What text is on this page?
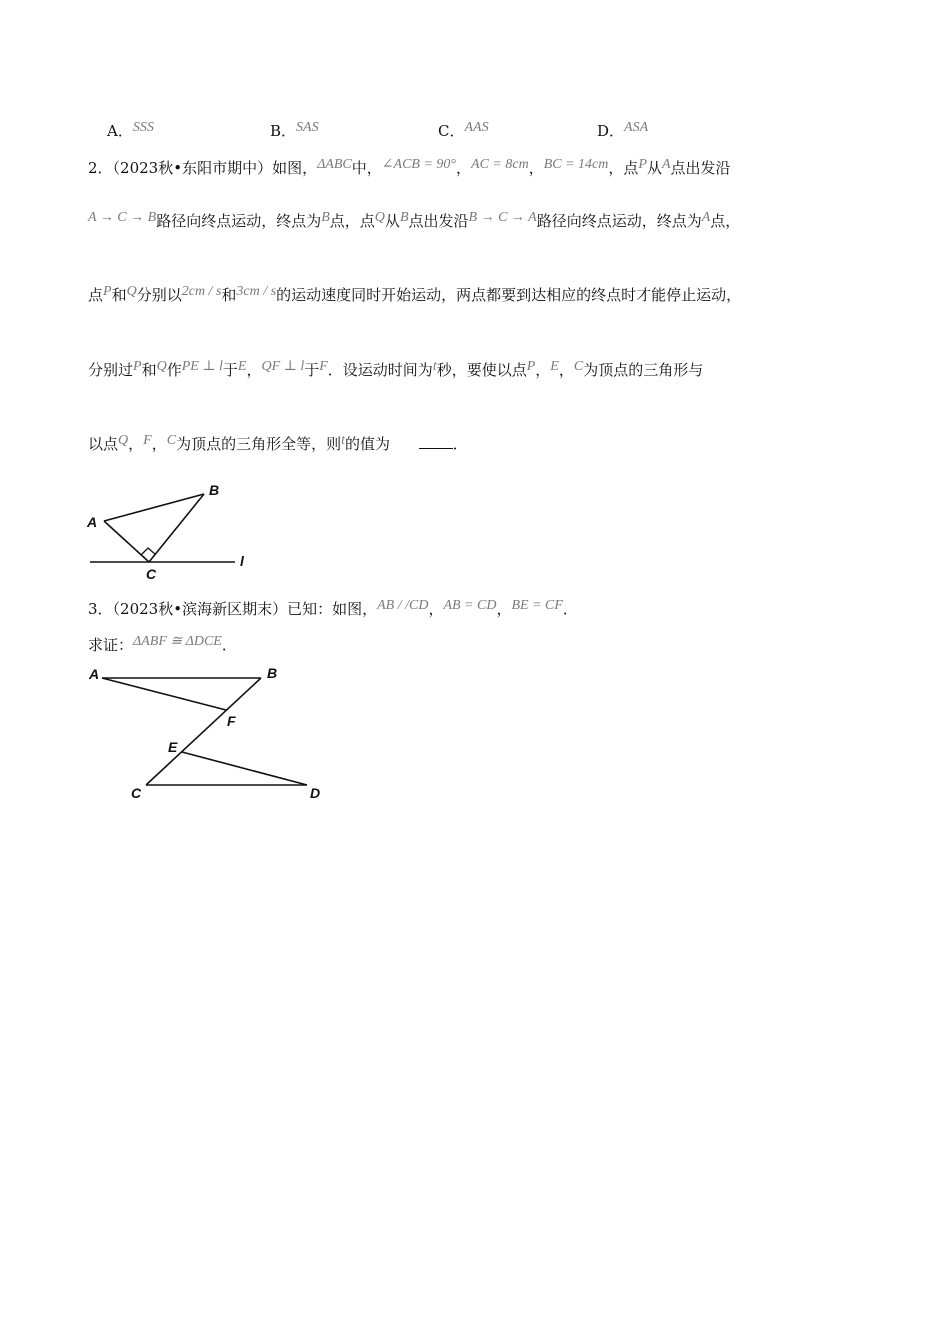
A．SSS	B．SAS	C．AAS	D．ASA
2．（2023秋•东阳市期中）如图，ΔABC中，∠ACB = 90°，AC = 8cm，BC = 14cm，点P从A点出发沿
A → C → B路径向终点运动，终点为B点，点Q从B点出发沿B → C → A路径向终点运动，终点为A点，
点P和Q分别以2cm / s和3cm / s的运动速度同时开始运动，两点都要到达相应的终点时才能停止运动，
分别过P和Q作PE ⊥ l于E，QF ⊥ l于F．设运动时间为t秒，要使以点P，E，C为顶点的三角形与
以点Q，F，C为顶点的三角形全等，则t的值为	．
A
B
C
l
3．（2023秋•滨海新区期末）已知：如图，AB / /CD，AB = CD，BE = CF．
求证：ΔABF ≅ ΔDCE．
A	B
F
E
C	D
